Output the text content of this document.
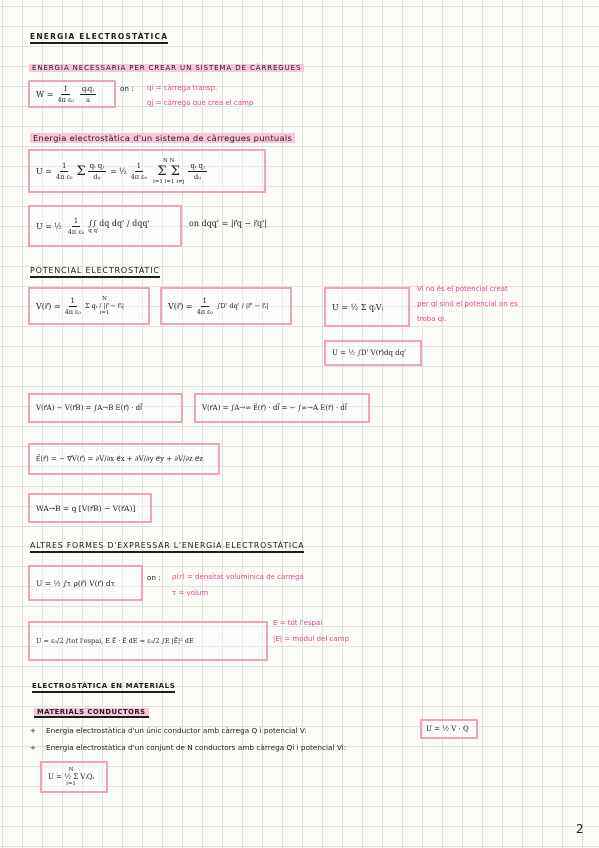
ENERGIA ELECTROSTÀTICA
ENERGIA NECESSARIA PER CREAR UN SISTEMA DE CÀRREGUES
$W = \frac{1}{\text{4π ε₀}} \frac{\text{qᵢqⱼ}}{a}$	on : qi = càrrega transp.
qj = càrrega que crea el camp
Energia electrostàtica d'un sistema de càrregues puntuals
$U = \frac{1}{\text{4π ε₀}}$ Σ $\frac{\text{qᵢ qⱼ}}{\text{dᵢⱼ}}$ = ½ $\frac{1}{\text{4π ε₀}}$	N N
Σ Σ
i=1 l=1 $i\ne j \frac{\text{qᵢ qⱼ}}{\text{dᵢⱼ}}$
U = ½ $\frac{1}{\text{4π ε₀}}$ ∫∫ dq dq' / dqq'
q q'
on dqq' = |r⃗q − r⃗q'|
POTENCIAL ELECTROSTÀTIC
V(r⃗) = $\frac{1}{\text{4π ε₀}}$	N
Σ qᵢ / |r⃗ − r⃗ᵢ|
i=1
V(r⃗) = $\frac{1}{\text{4π ε₀}} \int D'$ dq' / |r⃗' − r⃗ᵢ|	U = ½ Σ qᵢVᵢ
Vi no és el potencial creat
per qi sinó el potencial on es
troba qi.
U = ½ ∫D' V(r⃗)dq dq'
V(r⃗A) − V(r⃗B) = ∫A→B E(r⃗) · dl⃗	V(r⃗A) = ∫A→∞ E⃗(r⃗) · dl⃗ = − ∫∞→A E(r⃗) · dl⃗
E⃗(r⃗) = − ∇⃗V(r⃗) = ∂V/∂x e⃗x + ∂V/∂y e⃗y + ∂V/∂z e⃗z
WA→B = q [V(r⃗B) − V(r⃗A)]
ALTRES FORMES D'EXPRESSAR L'ENERGIA ELECTROSTÀTICA
U = ½ ∫τ ρ(r⃗) V(r⃗) dτ
on : ρ(r) = densitat volumínica de càrrega
τ = volum
U = ε₀/2 ∫tot l'espai, E E⃗ · E⃗ dE = ε₀/2 ∫E |E⃗|² dE
E = tot l'espai
|E| = modul del camp
ELECTROSTÀTICA EN MATERIALS
MATERIALS CONDUCTORS
+ Energia electrostàtica d'un únic conductor amb càrrega Q i potencial V:	U = ½ V · Q
+ Energia electrostàtica d'un conjunt de N conductors amb càrrega Qi i potencial Vi:
N
U = ½ Σ VᵢQᵢ
i=1
2
